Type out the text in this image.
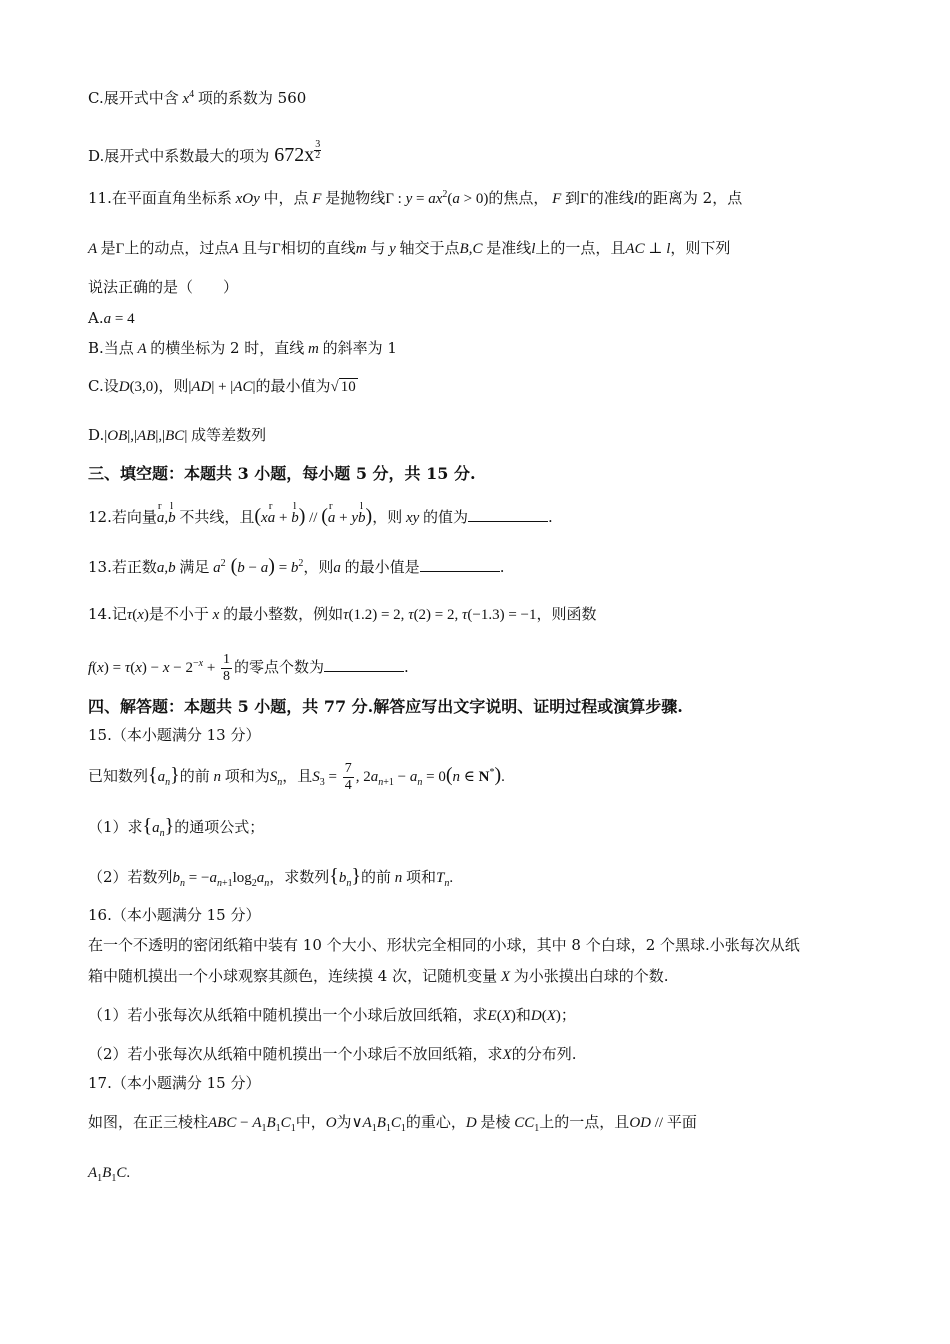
C.展开式中含 $x^4$ 项的系数为 560
D.展开式中系数最大的项为 $672x \frac{3}{2}$
11.在平面直角坐标系 xOy 中，点 F 是抛物线Γ : $y = ax^2(a > 0)$的焦点， F 到Γ的准线l的距离为 2，点
A 是Γ上的动点，过点A 且与Γ相切的直线m 与 y 轴交于点B,C 是准线l上的一点，且AC ⊥ l，则下列
说法正确的是（　　）
A.a = 4
B.当点 A 的横坐标为 2 时，直线 m 的斜率为 1
C.设D(3,0)，则|AD| + |AC|的最小值为√ 10
D.|OB|,|AB|,|BC| 成等差数列
三、填空题：本题共 3 小题，每小题 5 分，共 15 分.
12.若向量r a,l b 不共线，且(xr a + l b) // (r a + yl b)，则 xy 的值为	.
13.若正数a,b 满足 $a^2$ $(b - a) = b^2$，则a 的最小值是	.
14.记τ(x)是不小于 x 的最小整数，例如τ(1.2) = 2, τ(2) = 2, τ(−1.3) = −1，则函数
$f(x) = \tau(x) - x - 2^{-x} + \frac{1}{8}$ 的零点个数为	.
四、解答题：本题共 5 小题，共 77 分.解答应写出文字说明、证明过程或演算步骤.
15.（本小题满分 13 分）
已知数列$\{a_n\}$的前 n 项和为$S_n$，且$S_3 = \frac{7}{4}$ , $2a_{n+1} - a_n = 0(n$ ∈ N*).
（1）求$\{a_n\}$的通项公式；
（2）若数列$b_n = -a_{n+1}\log_2a_n$，求数列$\{b_n\}$的前 n 项和$T_n$.
16.（本小题满分 15 分）
在一个不透明的密闭纸箱中装有 10 个大小、形状完全相同的小球，其中 8 个白球，2 个黑球.小张每次从纸
箱中随机摸出一个小球观察其颜色，连续摸 4 次，记随机变量 X 为小张摸出白球的个数.
（1）若小张每次从纸箱中随机摸出一个小球后放回纸箱，求E(X)和D(X)；
（2）若小张每次从纸箱中随机摸出一个小球后不放回纸箱，求X的分布列.
17.（本小题满分 15 分）
如图，在正三棱柱ABC − $A_1B_1C_1$中，O为$\vee A_1B_1C_1$的重心，D 是棱 $CC_1$上的一点，且OD // 平面
$A_1B_1C$.
